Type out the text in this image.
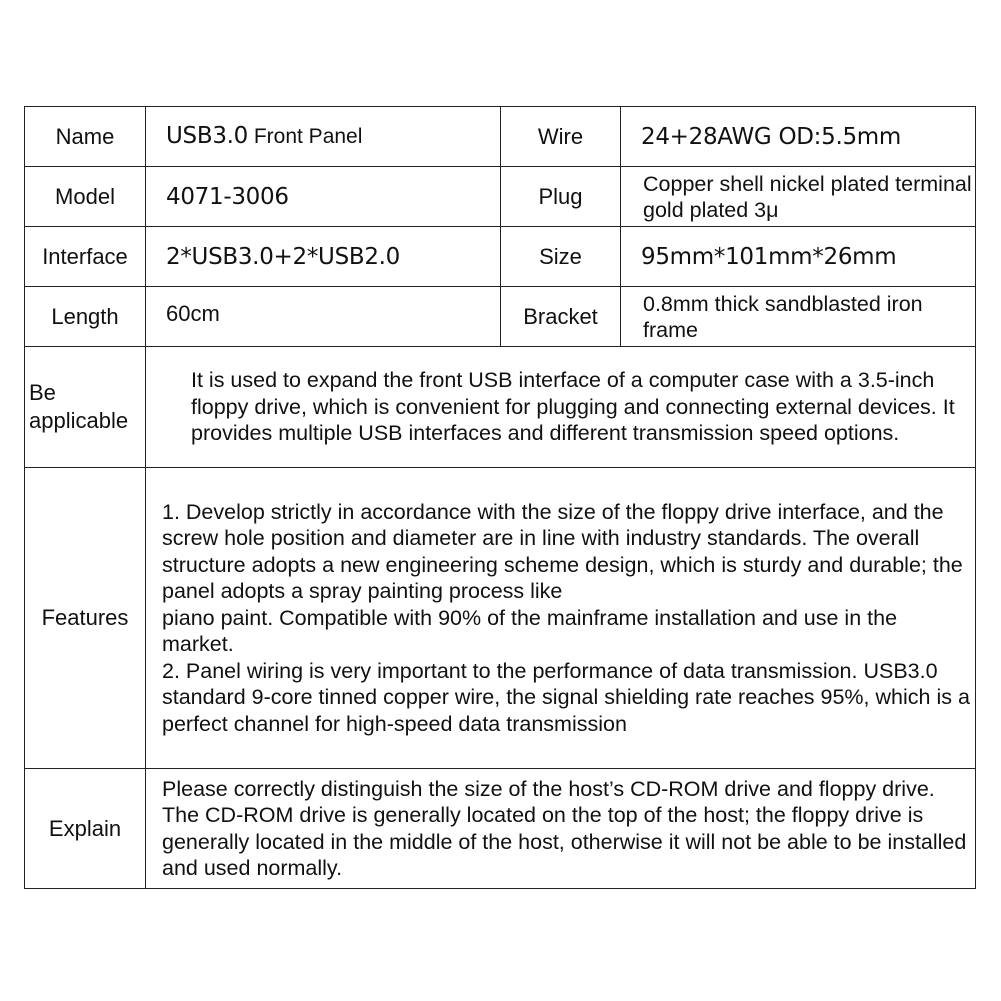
Name	USB3.0 Front Panel	Wire	24+28AWG OD:5.5mm
Model	4071-3006	Plug	Copper shell nickel plated terminal gold plated 3μ
Interface	2*USB3.0+2*USB2.0	Size	95mm*101mm*26mm
Length	60cm	Bracket	0.8mm thick sandblasted iron frame
Be applicable	It is used to expand the front USB interface of a computer case with a 3.5-inch floppy drive, which is convenient for plugging and connecting external devices. It provides multiple USB interfaces and different transmission speed options.		
Features	1. Develop strictly in accordance with the size of the floppy drive interface, and the screw hole position and diameter are in line with industry standards. The overall structure adopts a new engineering scheme design, which is sturdy and durable; the panel adopts a spray painting process like
piano paint. Compatible with 90% of the mainframe installation and use in the market.
2. Panel wiring is very important to the performance of data transmission. USB3.0 standard 9-core tinned copper wire, the signal shielding rate reaches 95%, which is a perfect channel for high-speed data transmission		
Explain	Please correctly distinguish the size of the host’s CD-ROM drive and floppy drive. The CD-ROM drive is generally located on the top of the host; the floppy drive is generally located in the middle of the host, otherwise it will not be able to be installed and used normally.		
